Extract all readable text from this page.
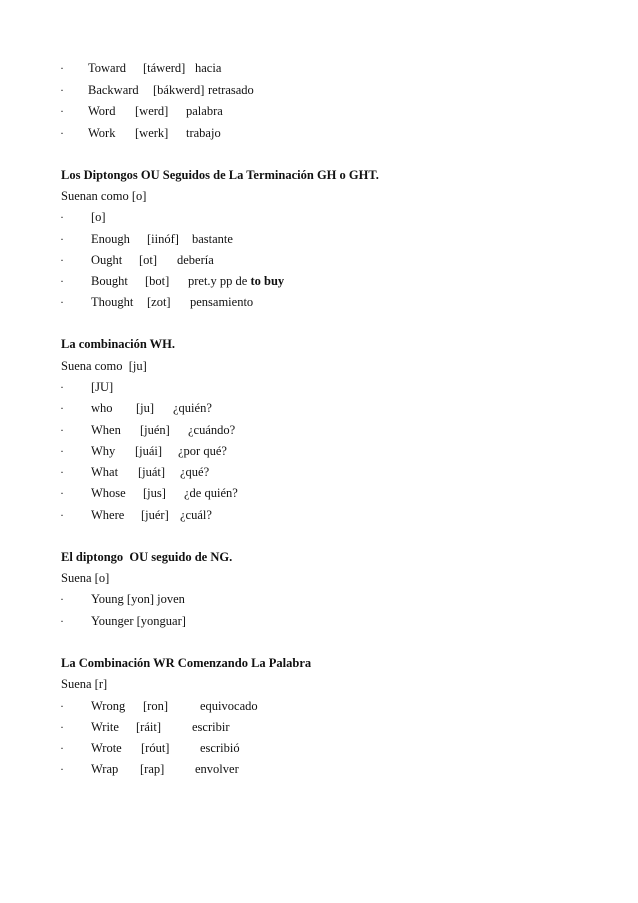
· Toward [táwerd] hacia
· Backward [bákwerd] retrasado
· Word [werd] palabra
· Work [werk] trabajo
Los Diptongos OU Seguidos de La Terminación GH o GHT.
Suenan como [o]
· [o]
· Enough [iinóf] bastante
· Ought [ot] debería
· Bought [bot] pret.y pp de to buy
· Thought [zot] pensamiento
La combinación WH.
Suena como  [ju]
· [JU]
· who [ju] ¿quién?
· When [juén] ¿cuándo?
· Why [juái] ¿por qué?
· What [juát] ¿qué?
· Whose [jus] ¿de quién?
· Where [juér] ¿cuál?
El diptongo  OU seguido de NG.
Suena [o]
· Young [yon] joven
· Younger [yonguar]
La Combinación WR Comenzando La Palabra
Suena [r]
· Wrong [ron]	equivocado
· Write [ráit] escribir
· Wrote [róut] escribió
· Wrap [rap] envolver
